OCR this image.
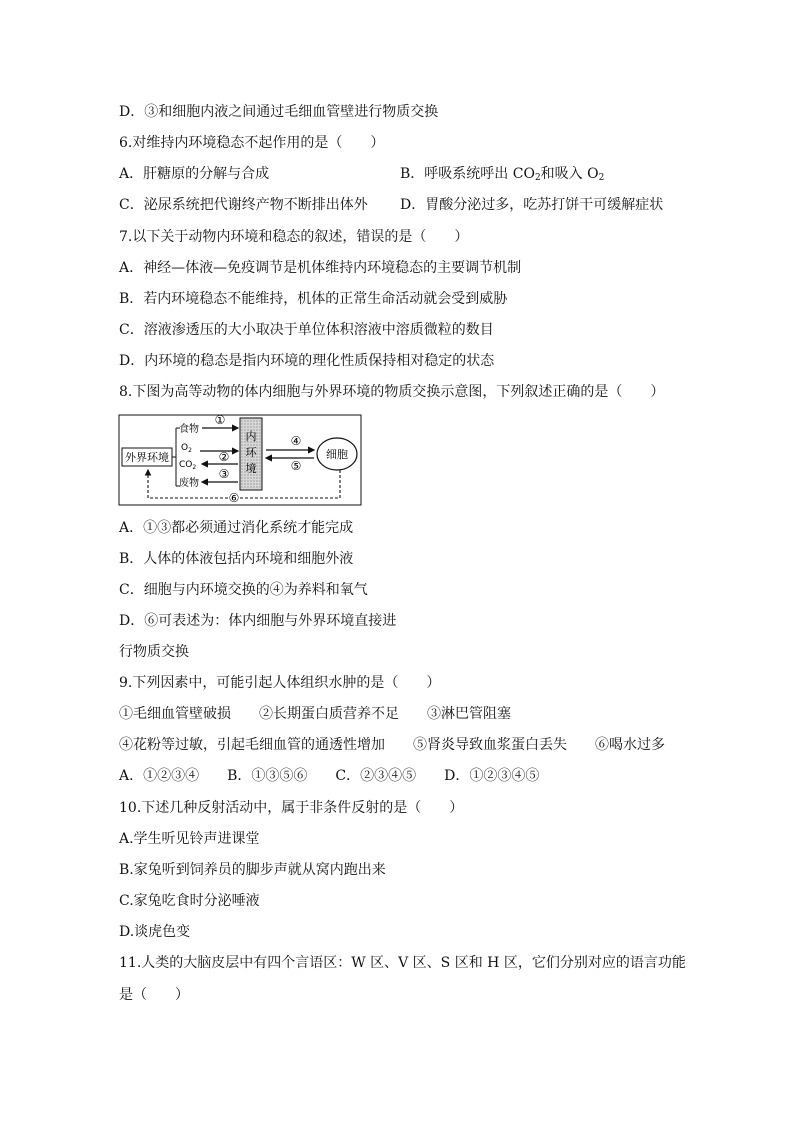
D．③和细胞内液之间通过毛细血管壁进行物质交换
6.对维持内环境稳态不起作用的是（　　）
A．肝糖原的分解与合成	B．呼吸系统呼出 $CO_2$和吸入 $O_2$
C．泌尿系统把代谢终产物不断排出体外 D．胃酸分泌过多，吃苏打饼干可缓解症状
7.以下关于动物内环境和稳态的叙述，错误的是（　　）
A．神经—体液—免疫调节是机体维持内环境稳态的主要调节机制
B．若内环境稳态不能维持，机体的正常生命活动就会受到威胁
C．溶液渗透压的大小取决于单位体积溶液中溶质微粒的数目
D．内环境的稳态是指内环境的理化性质保持相对稳定的状态
8.下图为高等动物的体内细胞与外界环境的物质交换示意图，下列叙述正确的是（　　）
外界环境
食物
$O_2$
$CO_2$
废物
①
②
③
内
环
境
④
⑤
细胞
⑥
A．①③都必须通过消化系统才能完成
B．人体的体液包括内环境和细胞外液
C．细胞与内环境交换的④为养料和氧气
D．⑥可表述为：体内细胞与外界环境直接进
行物质交换
9.下列因素中，可能引起人体组织水肿的是（　　）
①毛细血管壁破损　　②长期蛋白质营养不足　　③淋巴管阻塞
④花粉等过敏，引起毛细血管的通透性增加　　⑤肾炎导致血浆蛋白丢失　　⑥喝水过多
A．①②③④　　B．①③⑤⑥　　C．②③④⑤　　D．①②③④⑤
10.下述几种反射活动中，属于非条件反射的是（　　）
A.学生听见铃声进课堂
B.家兔听到饲养员的脚步声就从窝内跑出来
C.家兔吃食时分泌唾液
D.谈虎色变
11.人类的大脑皮层中有四个言语区：W 区、V 区、S 区和 H 区，它们分别对应的语言功能
是（　　）
